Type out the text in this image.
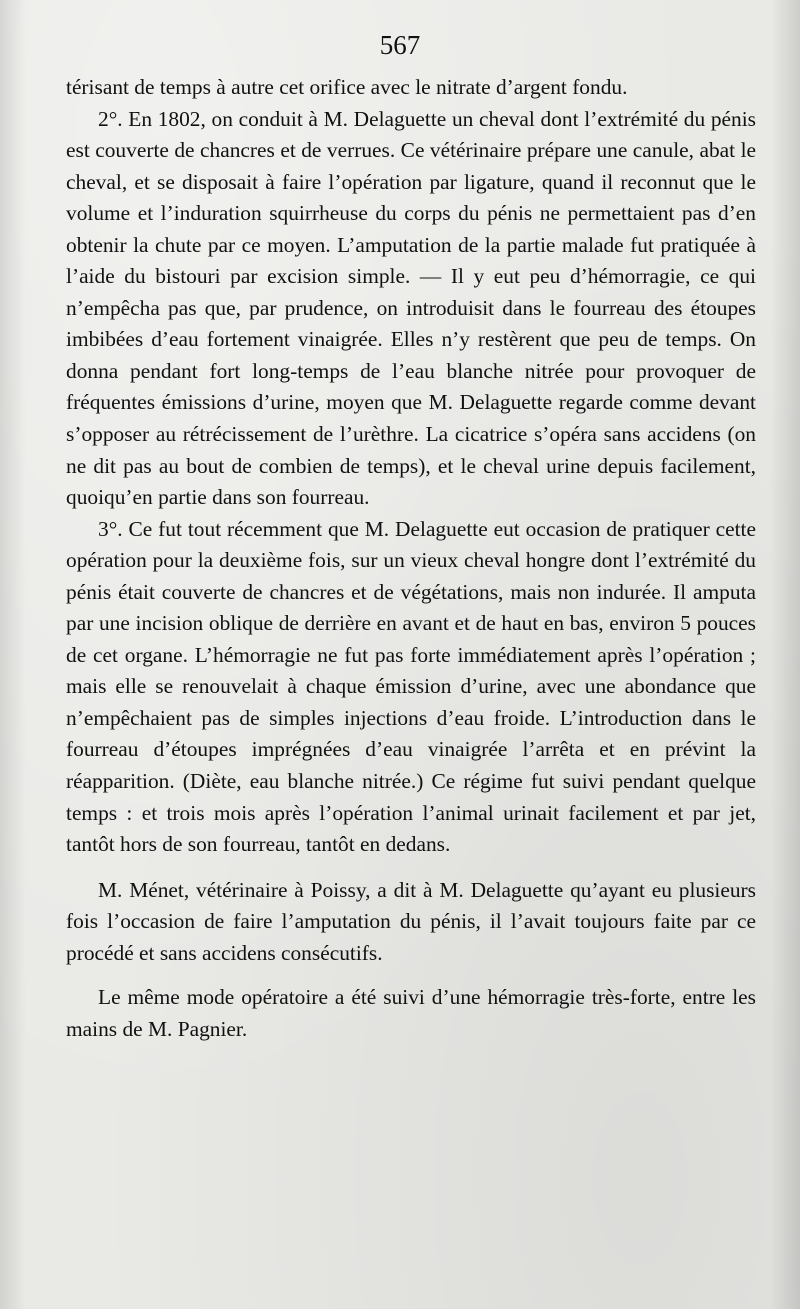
567

térisant de temps à autre cet orifice avec le nitrate d’argent fondu.

2°. En 1802, on conduit à M. Delaguette un cheval dont l’extrémité du pénis est couverte de chancres et de verrues. Ce vétérinaire prépare une canule, abat le cheval, et se disposait à faire l’opération par ligature, quand il reconnut que le volume et l’induration squirrheuse du corps du pénis ne permettaient pas d’en obtenir la chute par ce moyen. L’amputation de la partie malade fut pratiquée à l’aide du bistouri par excision simple. — Il y eut peu d’hémorragie, ce qui n’empêcha pas que, par prudence, on introduisit dans le fourreau des étoupes imbibées d’eau fortement vinaigrée. Elles n’y restèrent que peu de temps. On donna pendant fort long-temps de l’eau blanche nitrée pour provoquer de fréquentes émissions d’urine, moyen que M. Delaguette regarde comme devant s’opposer au rétrécissement de l’urèthre. La cicatrice s’opéra sans accidens (on ne dit pas au bout de combien de temps), et le cheval urine depuis facilement, quoiqu’en partie dans son fourreau.

3°. Ce fut tout récemment que M. Delaguette eut occasion de pratiquer cette opération pour la deuxième fois, sur un vieux cheval hongre dont l’extrémité du pénis était couverte de chancres et de végétations, mais non indurée. Il amputa par une incision oblique de derrière en avant et de haut en bas, environ 5 pouces de cet organe. L’hémorragie ne fut pas forte immédiatement après l’opération ; mais elle se renouvelait à chaque émission d’urine, avec une abondance que n’empêchaient pas de simples injections d’eau froide. L’introduction dans le fourreau d’étoupes imprégnées d’eau vinaigrée l’arrêta et en prévint la réapparition. (Diète, eau blanche nitrée.) Ce régime fut suivi pendant quelque temps : et trois mois après l’opération l’animal urinait facilement et par jet, tantôt hors de son fourreau, tantôt en dedans.

M. Ménet, vétérinaire à Poissy, a dit à M. Delaguette qu’ayant eu plusieurs fois l’occasion de faire l’amputation du pénis, il l’avait toujours faite par ce procédé et sans accidens consécutifs.

Le même mode opératoire a été suivi d’une hémorragie très-forte, entre les mains de M. Pagnier.
